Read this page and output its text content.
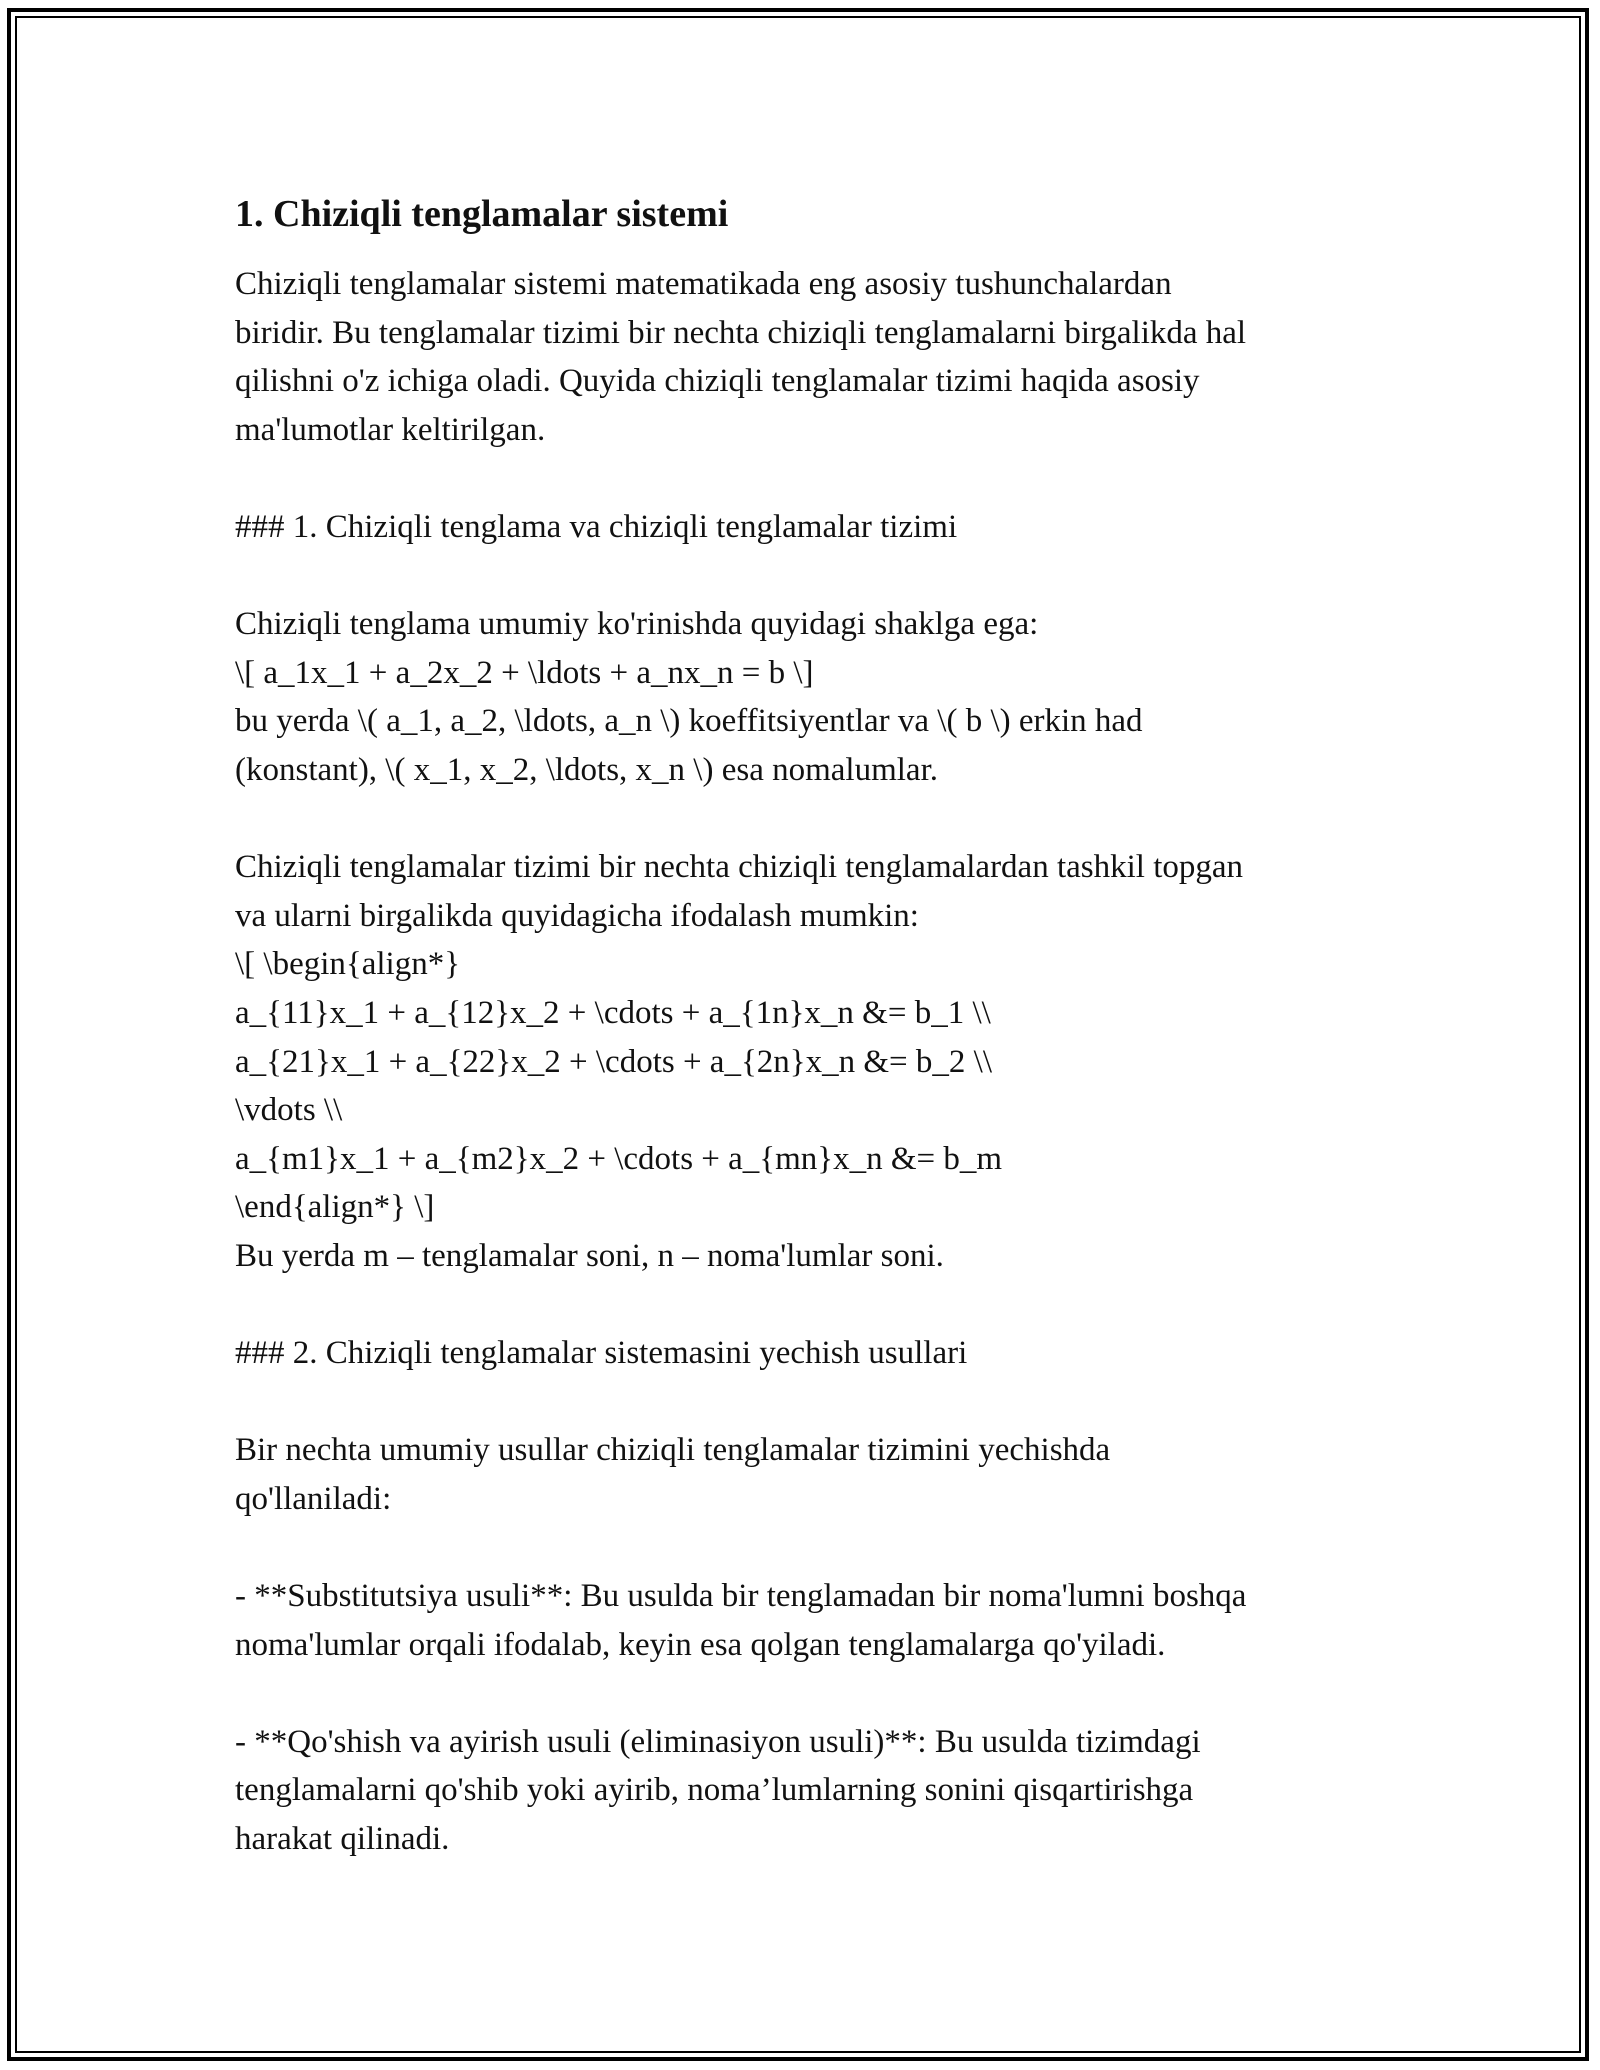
1. Chiziqli tenglamalar sistemi

Chiziqli tenglamalar sistemi matematikada eng asosiy tushunchalardan

biridir. Bu tenglamalar tizimi bir nechta chiziqli tenglamalarni birgalikda hal

qilishni o'z ichiga oladi. Quyida chiziqli tenglamalar tizimi haqida asosiy

ma'lumotlar keltirilgan.

### 1. Chiziqli tenglama va chiziqli tenglamalar tizimi

Chiziqli tenglama umumiy ko'rinishda quyidagi shaklga ega:

\[ a_1x_1 + a_2x_2 + \ldots + a_nx_n = b \]

bu yerda \( a_1, a_2, \ldots, a_n \) koeffitsiyentlar va \( b \) erkin had

(konstant), \( x_1, x_2, \ldots, x_n \) esa nomalumlar.

Chiziqli tenglamalar tizimi bir nechta chiziqli tenglamalardan tashkil topgan

va ularni birgalikda quyidagicha ifodalash mumkin:

\[ \begin{align*}

a_{11}x_1 + a_{12}x_2 + \cdots + a_{1n}x_n &= b_1 \\

a_{21}x_1 + a_{22}x_2 + \cdots + a_{2n}x_n &= b_2 \\

\vdots \\

a_{m1}x_1 + a_{m2}x_2 + \cdots + a_{mn}x_n &= b_m

\end{align*} \]

Bu yerda m – tenglamalar soni, n – noma'lumlar soni.

### 2. Chiziqli tenglamalar sistemasini yechish usullari

Bir nechta umumiy usullar chiziqli tenglamalar tizimini yechishda

qo'llaniladi:

- **Substitutsiya usuli**: Bu usulda bir tenglamadan bir noma'lumni boshqa

noma'lumlar orqali ifodalab, keyin esa qolgan tenglamalarga qo'yiladi.

- **Qo'shish va ayirish usuli (eliminasiyon usuli)**: Bu usulda tizimdagi

tenglamalarni qo'shib yoki ayirib, noma’lumlarning sonini qisqartirishga

harakat qilinadi.
